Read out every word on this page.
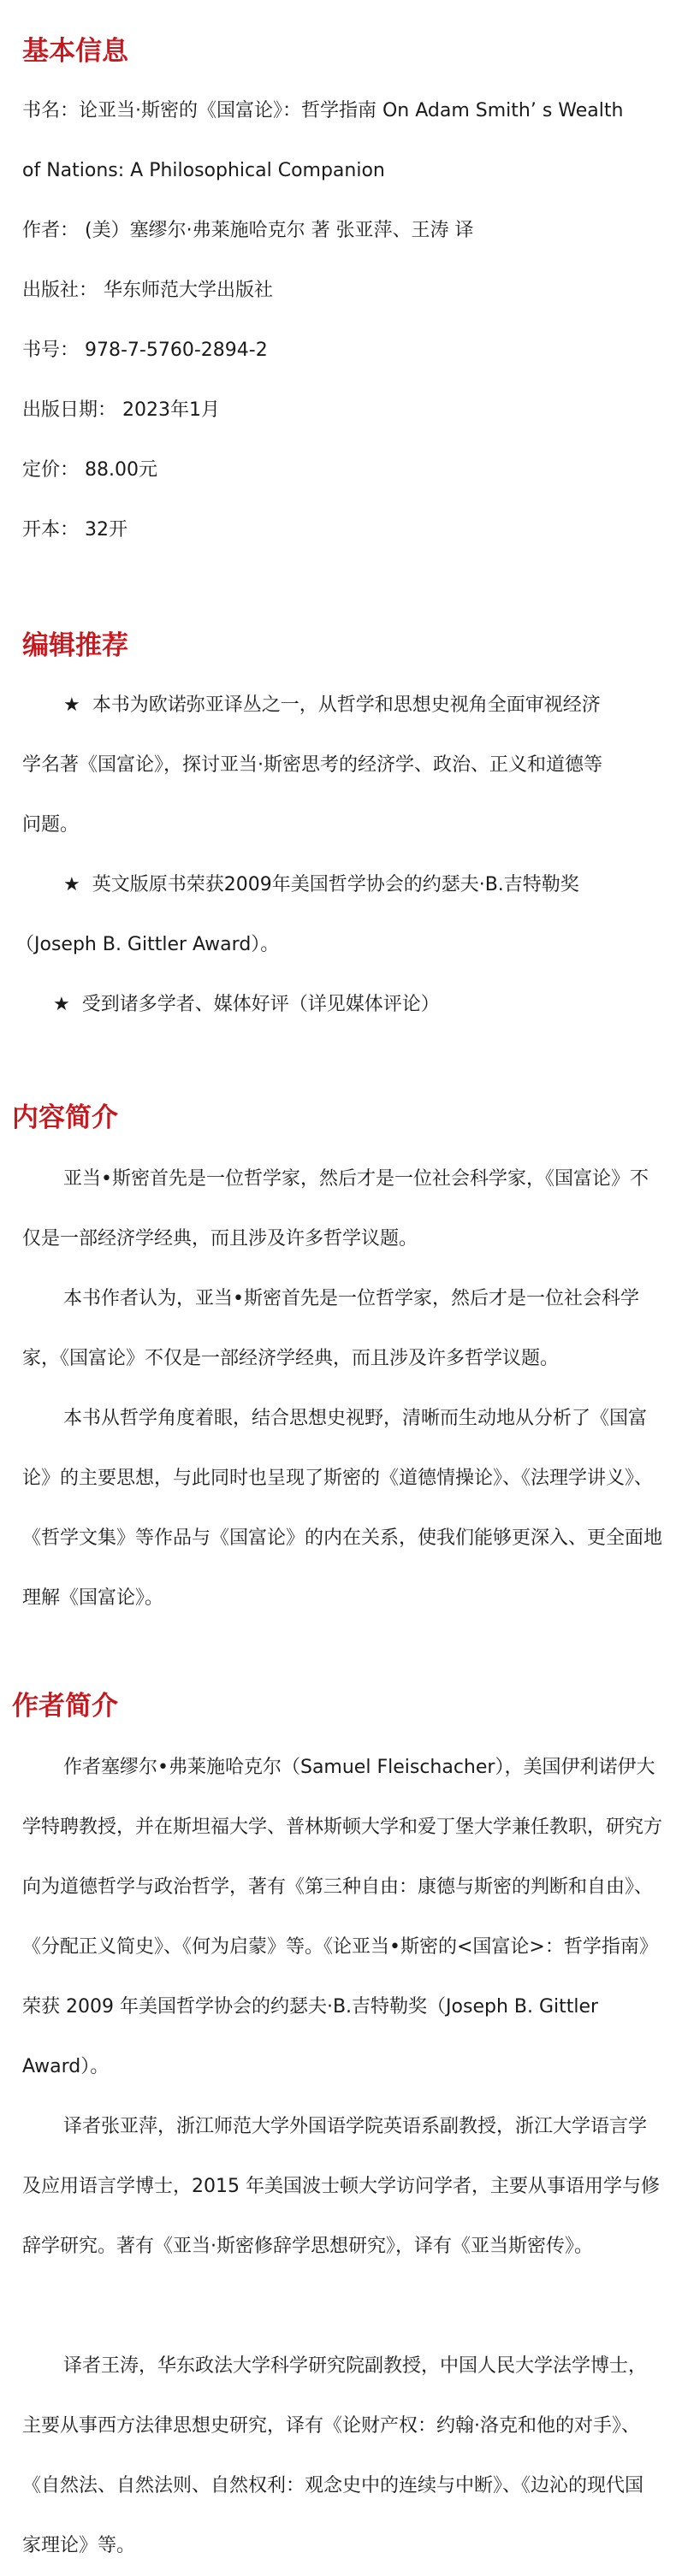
基本信息
书名：论亚当·斯密的《国富论》：哲学指南 On Adam Smith’ s Wealth
of Nations: A Philosophical Companion
作者： (美）塞缪尔·弗莱施哈克尔 著 张亚萍、王涛 译
出版社： 华东师范大学出版社
书号： 978-7-5760-2894-2
出版日期： 2023年1月
定价： 88.00元
开本： 32开
编辑推荐
★ 本书为欧诺弥亚译丛之一，从哲学和思想史视角全面审视经济
学名著《国富论》，探讨亚当·斯密思考的经济学、政治、正义和道德等
问题。
★ 英文版原书荣获2009年美国哲学协会的约瑟夫·B.吉特勒奖
（Joseph B. Gittler Award）。
★ 受到诸多学者、媒体好评（详见媒体评论）
内容简介

亚当•斯密首先是一位哲学家，然后才是一位社会科学家，《国富论》不仅是一部经济学经典，而且涉及许多哲学议题。

本书作者认为，亚当•斯密首先是一位哲学家，然后才是一位社会科学家，《国富论》不仅是一部经济学经典，而且涉及许多哲学议题。

本书从哲学角度着眼，结合思想史视野，清晰而生动地从分析了《国富论》的主要思想，与此同时也呈现了斯密的《道德情操论》、《法理学讲义》、《哲学文集》等作品与《国富论》的内在关系，使我们能够更深入、更全面地理解《国富论》。

作者简介

作者塞缪尔•弗莱施哈克尔（Samuel Fleischacher），美国伊利诺伊大学特聘教授，并在斯坦福大学、普林斯顿大学和爱丁堡大学兼任教职，研究方向为道德哲学与政治哲学，著有《第三种自由：康德与斯密的判断和自由》、《分配正义简史》、《何为启蒙》等。《论亚当•斯密的<国富论>：哲学指南》荣获 2009 年美国哲学协会的约瑟夫·B.吉特勒奖（Joseph B. Gittler Award）。

译者张亚萍，浙江师范大学外国语学院英语系副教授，浙江大学语言学及应用语言学博士，2015 年美国波士顿大学访问学者，主要从事语用学与修辞学研究。著有《亚当·斯密修辞学思想研究》，译有《亚当斯密传》。

译者王涛，华东政法大学科学研究院副教授，中国人民大学法学博士，主要从事西方法律思想史研究，译有《论财产权：约翰·洛克和他的对手》、《自然法、自然法则、自然权利：观念史中的连续与中断》、《边沁的现代国家理论》等。
